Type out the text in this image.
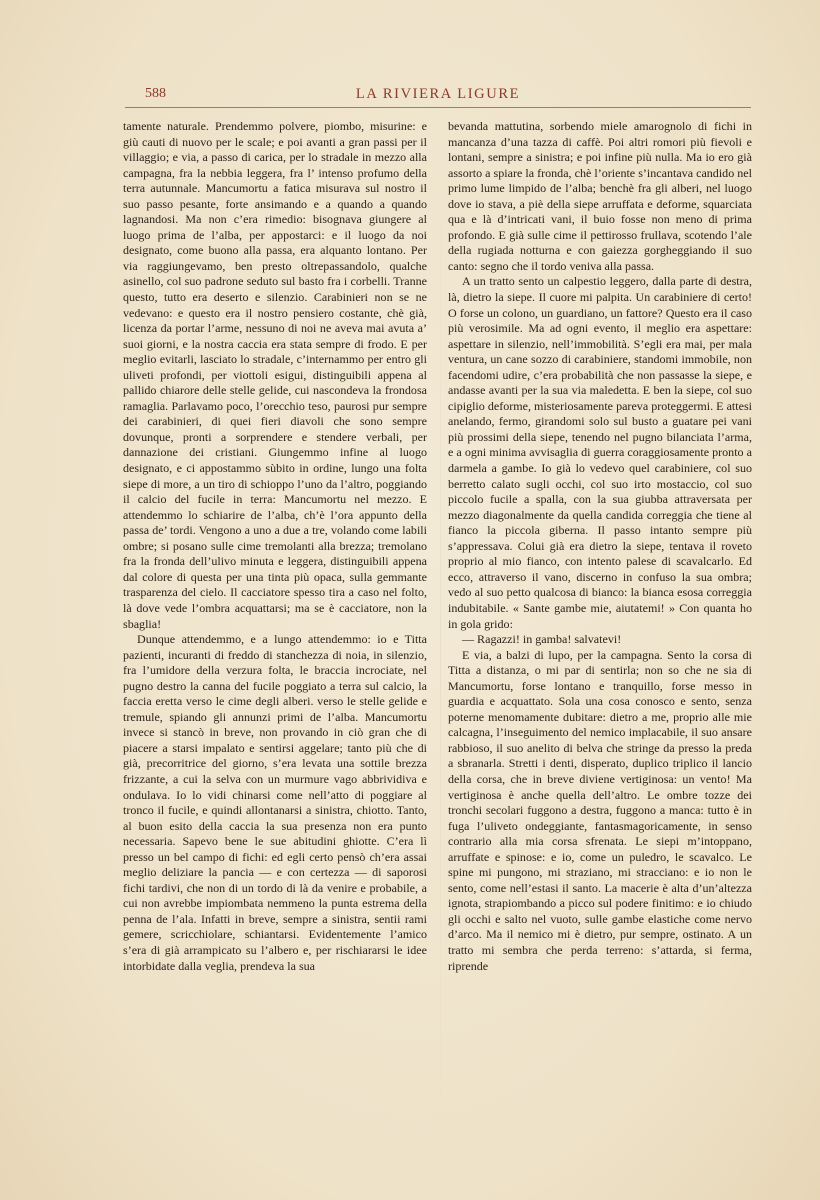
588	LA RIVIERA LIGURE

tamente naturale. Prendemmo polvere, piombo, misurine: e giù cauti di nuovo per le scale; e poi avanti a gran passi per il villaggio; e via, a passo di carica, per lo stradale in mezzo alla campagna, fra la nebbia leggera, fra l’ intenso profumo della terra autunnale. Mancumortu a fatica misurava sul nostro il suo passo pesante, forte ansimando e a quando a quando lagnandosi. Ma non c’era rimedio: bisognava giungere al luogo prima de l’alba, per appostarci: e il luogo da noi designato, come buono alla passa, era alquanto lontano. Per via raggiungevamo, ben presto oltrepassandolo, qualche asinello, col suo padrone seduto sul basto fra i corbelli. Tranne questo, tutto era deserto e silenzio. Carabinieri non se ne vedevano: e questo era il nostro pensiero costante, chè già, licenza da portar l’arme, nessuno di noi ne aveva mai avuta a’ suoi giorni, e la nostra caccia era stata sempre di frodo. E per meglio evitarli, lasciato lo stradale, c’internammo per entro gli uliveti profondi, per viottoli esigui, distinguibili appena al pallido chiarore delle stelle gelide, cui nascondeva la frondosa ramaglia. Parlavamo poco, l’orecchio teso, paurosi pur sempre dei carabinieri, di quei fieri diavoli che sono sempre dovunque, pronti a sorprendere e stendere verbali, per dannazione dei cristiani. Giungemmo infine al luogo designato, e ci appostammo sùbito in ordine, lungo una folta siepe di more, a un tiro di schioppo l’uno da l’altro, poggiando il calcio del fucile in terra: Mancumortu nel mezzo. E attendemmo lo schiarire de l’alba, ch’è l’ora appunto della passa de’ tordi. Vengono a uno a due a tre, volando come labili ombre; si posano sulle cime tremolanti alla brezza; tremolano fra la fronda dell’ulivo minuta e leggera, distinguibili appena dal colore di questa per una tinta più opaca, sulla gemmante trasparenza del cielo. Il cacciatore spesso tira a caso nel folto, là dove vede l’ombra acquattarsi; ma se è cacciatore, non la sbaglia!

Dunque attendemmo, e a lungo attendemmo: io e Titta pazienti, incuranti di freddo di stanchezza di noia, in silenzio, fra l’umidore della verzura folta, le braccia incrociate, nel pugno destro la canna del fucile poggiato a terra sul calcio, la faccia eretta verso le cime degli alberi. verso le stelle gelide e tremule, spiando gli annunzi primi de l’alba. Mancumortu invece si stancò in breve, non provando in ciò gran che di piacere a starsi impalato e sentirsi aggelare; tanto più che di già, precorritrice del giorno, s’era levata una sottile brezza frizzante, a cui la selva con un murmure vago abbrividiva e ondulava. Io lo vidi chinarsi come nell’atto di poggiare al tronco il fucile, e quindi allontanarsi a sinistra, chiotto. Tanto, al buon esito della caccia la sua presenza non era punto necessaria. Sapevo bene le sue abitudini ghiotte. C’era lì presso un bel campo di fichi: ed egli certo pensò ch’era assai meglio deliziare la pancia — e con certezza — di saporosi fichi tardivi, che non di un tordo di là da venire e probabile, a cui non avrebbe impiombata nemmeno la punta estrema della penna de l’ala. Infatti in breve, sempre a sinistra, sentii rami gemere, scricchiolare, schiantarsi. Evidentemente l’amico s’era di già arrampicato su l’albero e, per rischiararsi le idee intorbidate dalla veglia, prendeva la sua

bevanda mattutina, sorbendo miele amarognolo di fichi in mancanza d’una tazza di caffè. Poi altri romori più fievoli e lontani, sempre a sinistra; e poi infine più nulla. Ma io ero già assorto a spiare la fronda, chè l’oriente s’incantava candido nel primo lume limpido de l’alba; benchè fra gli alberi, nel luogo dove io stava, a piè della siepe arruffata e deforme, squarciata qua e là d’intricati vani, il buio fosse non meno di prima profondo. E già sulle cime il pettirosso frullava, scotendo l’ale della rugiada notturna e con gaiezza gorgheggiando il suo canto: segno che il tordo veniva alla passa.

A un tratto sento un calpestio leggero, dalla parte di destra, là, dietro la siepe. Il cuore mi palpita. Un carabiniere di certo! O forse un colono, un guardiano, un fattore? Questo era il caso più verosimile. Ma ad ogni evento, il meglio era aspettare: aspettare in silenzio, nell’immobilità. S’egli era mai, per mala ventura, un cane sozzo di carabiniere, standomi immobile, non facendomi udire, c’era probabilità che non passasse la siepe, e andasse avanti per la sua via maledetta. E ben la siepe, col suo cipiglio deforme, misteriosamente pareva proteggermi. E attesi anelando, fermo, girandomi solo sul busto a guatare pei vani più prossimi della siepe, tenendo nel pugno bilanciata l’arma, e a ogni minima avvisaglia di guerra coraggiosamente pronto a darmela a gambe. Io già lo vedevo quel carabiniere, col suo berretto calato sugli occhi, col suo irto mostaccio, col suo piccolo fucile a spalla, con la sua giubba attraversata per mezzo diagonalmente da quella candida correggia che tiene al fianco la piccola giberna. Il passo intanto sempre più s’appressava. Colui già era dietro la siepe, tentava il roveto proprio al mio fianco, con intento palese di scavalcarlo. Ed ecco, attraverso il vano, discerno in confuso la sua ombra; vedo al suo petto qualcosa di bianco: la bianca esosa correggia indubitabile. « Sante gambe mie, aiutatemi! » Con quanta ho in gola grido:

— Ragazzi! in gamba! salvatevi!

E via, a balzi di lupo, per la campagna. Sento la corsa di Titta a distanza, o mi par di sentirla; non so che ne sia di Mancumortu, forse lontano e tranquillo, forse messo in guardia e acquattato. Sola una cosa conosco e sento, senza poterne menomamente dubitare: dietro a me, proprio alle mie calcagna, l’inseguimento del nemico implacabile, il suo ansare rabbioso, il suo anelito di belva che stringe da presso la preda a sbranarla. Stretti i denti, disperato, duplico triplico il lancio della corsa, che in breve diviene vertiginosa: un vento! Ma vertiginosa è anche quella dell’altro. Le ombre tozze dei tronchi secolari fuggono a destra, fuggono a manca: tutto è in fuga l’uliveto ondeggiante, fantasmagoricamente, in senso contrario alla mia corsa sfrenata. Le siepi m’intoppano, arruffate e spinose: e io, come un puledro, le scavalco. Le spine mi pungono, mi straziano, mi stracciano: e io non le sento, come nell’estasi il santo. La macerie è alta d’un’altezza ignota, strapiombando a picco sul podere finitimo: e io chiudo gli occhi e salto nel vuoto, sulle gambe elastiche come nervo d’arco. Ma il nemico mi è dietro, pur sempre, ostinato. A un tratto mi sembra che perda terreno: s’attarda, si ferma, riprende
